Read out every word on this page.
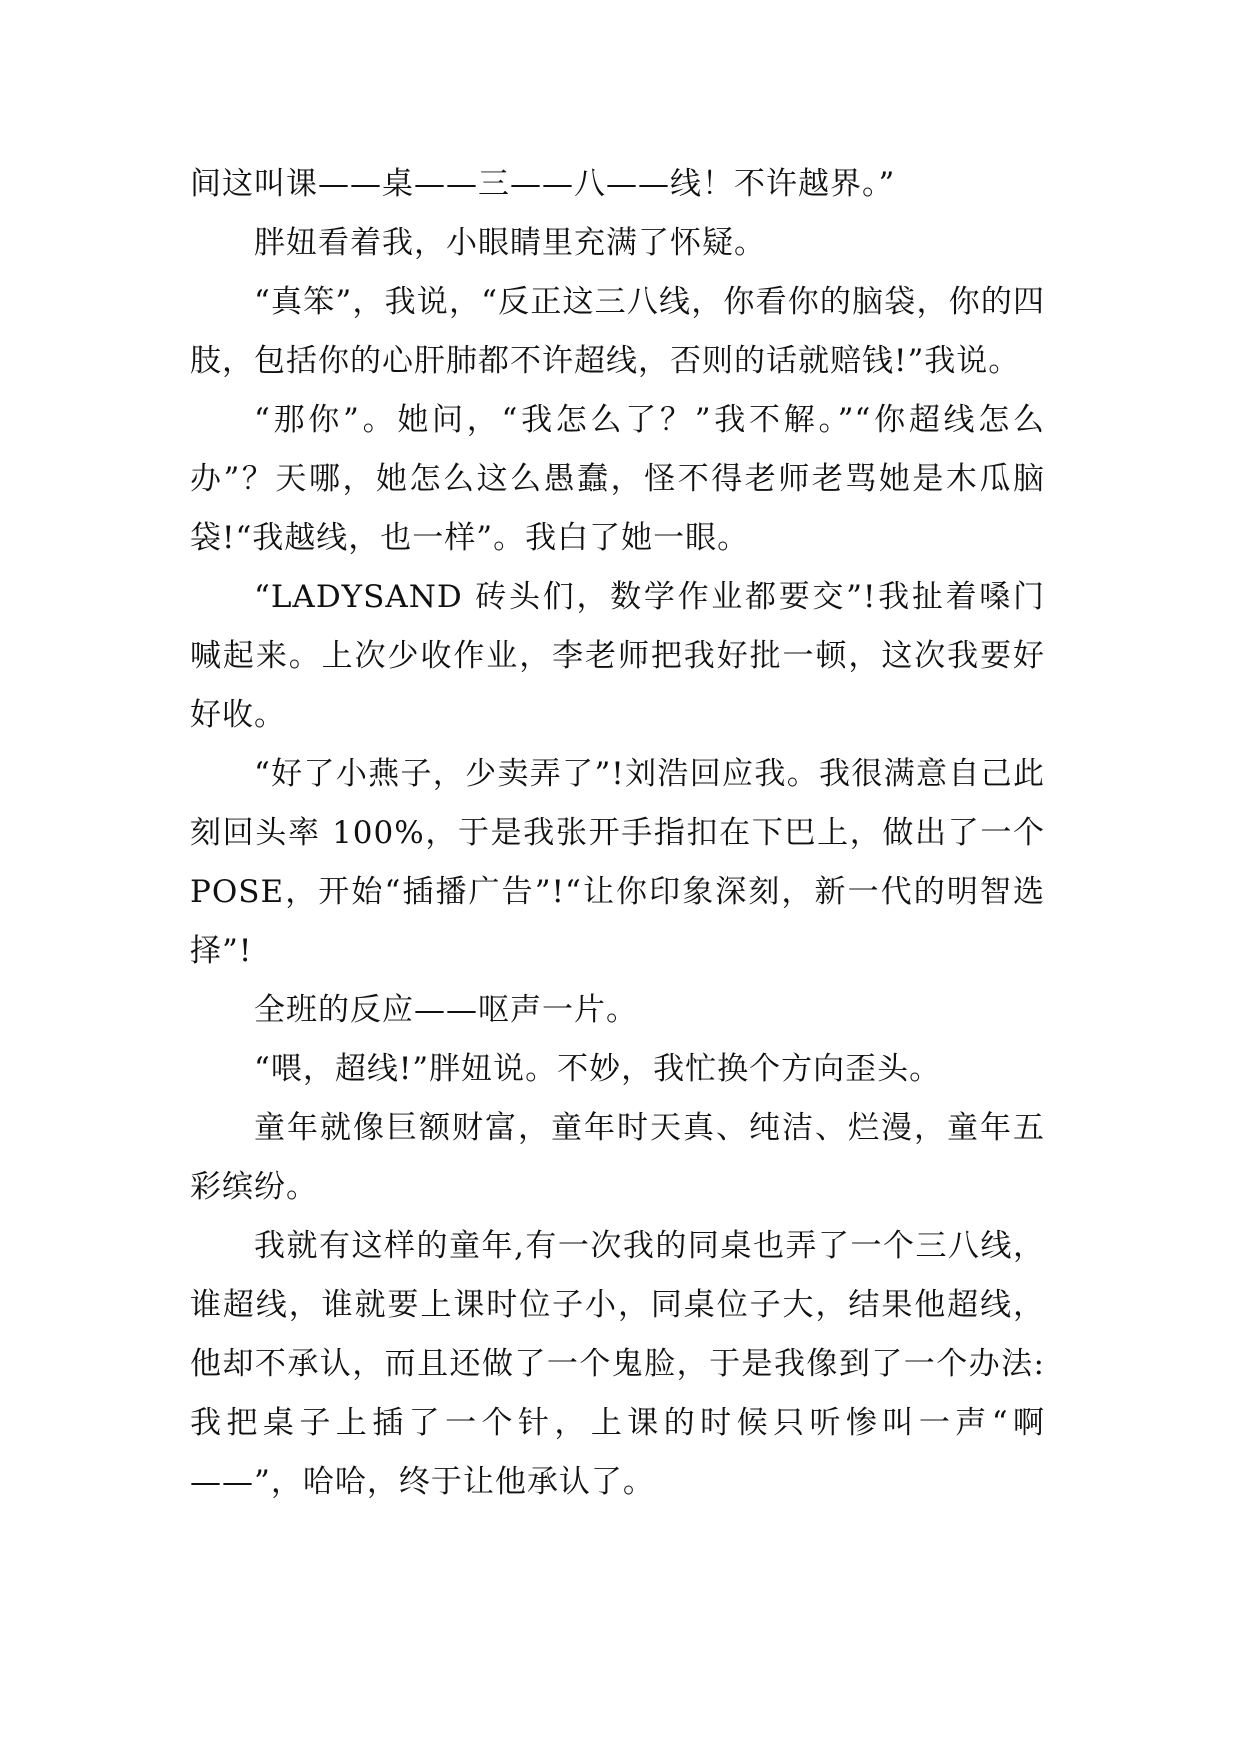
间这叫课——桌——三——八——线！不许越界。”

胖妞看着我，小眼睛里充满了怀疑。

“真笨”，我说，“反正这三八线，你看你的脑袋，你的四肢，包括你的心肝肺都不许超线，否则的话就赔钱!”我说。

“那你”。她问，“我怎么了？”我不解。”“你超线怎么办”？天哪，她怎么这么愚蠢，怪不得老师老骂她是木瓜脑袋!“我越线，也一样”。我白了她一眼。

“LADYSAND 砖头们，数学作业都要交”!我扯着嗓门喊起来。上次少收作业，李老师把我好批一顿，这次我要好好收。

“好了小燕子，少卖弄了”!刘浩回应我。我很满意自己此刻回头率 100%，于是我张开手指扣在下巴上，做出了一个 POSE，开始“插播广告”!“让你印象深刻，新一代的明智选择”!

全班的反应——呕声一片。

“喂，超线!”胖妞说。不妙，我忙换个方向歪头。

童年就像巨额财富，童年时天真、纯洁、烂漫，童年五彩缤纷。

我就有这样的童年,有一次我的同桌也弄了一个三八线，谁超线，谁就要上课时位子小，同桌位子大，结果他超线，他却不承认，而且还做了一个鬼脸，于是我像到了一个办法:我把桌子上插了一个针，上课的时候只听惨叫一声“啊——”，哈哈，终于让他承认了。
